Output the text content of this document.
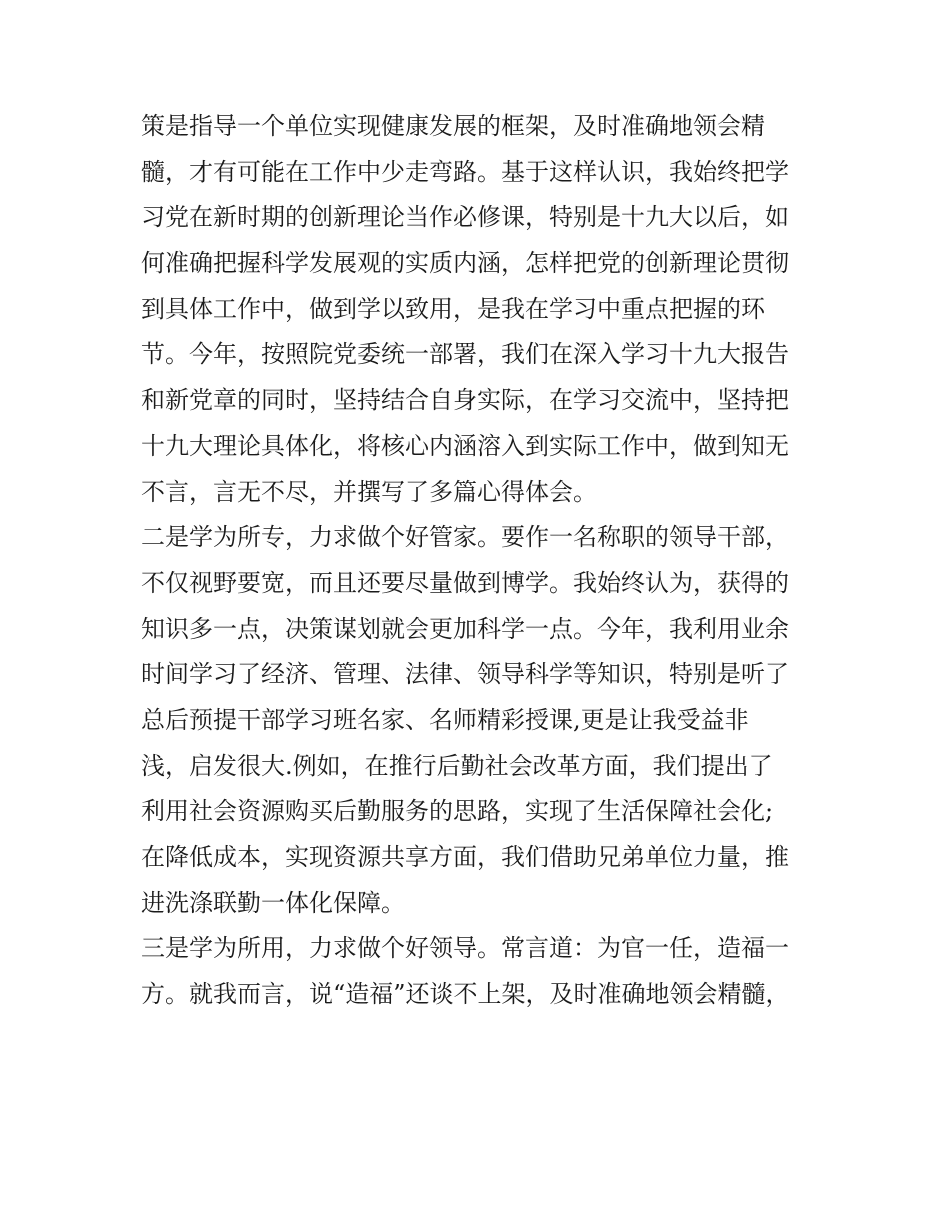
策是指导一个单位实现健康发展的框架，及时准确地领会精
髓，才有可能在工作中少走弯路。基于这样认识，我始终把学
习党在新时期的创新理论当作必修课，特别是十九大以后，如
何准确把握科学发展观的实质内涵，怎样把党的创新理论贯彻
到具体工作中，做到学以致用，是我在学习中重点把握的环
节。今年，按照院党委统一部署，我们在深入学习十九大报告
和新党章的同时，坚持结合自身实际，在学习交流中，坚持把
十九大理论具体化，将核心内涵溶入到实际工作中，做到知无
不言，言无不尽，并撰写了多篇心得体会。
二是学为所专，力求做个好管家。要作一名称职的领导干部，
不仅视野要宽，而且还要尽量做到博学。我始终认为，获得的
知识多一点，决策谋划就会更加科学一点。今年，我利用业余
时间学习了经济、管理、法律、领导科学等知识，特别是听了
总后预提干部学习班名家、名师精彩授课,更是让我受益非
浅，启发很大.例如，在推行后勤社会改革方面，我们提出了
利用社会资源购买后勤服务的思路，实现了生活保障社会化;
在降低成本，实现资源共享方面，我们借助兄弟单位力量，推
进洗涤联勤一体化保障。
三是学为所用，力求做个好领导。常言道：为官一任，造福一
方。就我而言，说“造福”还谈不上架，及时准确地领会精髓，
